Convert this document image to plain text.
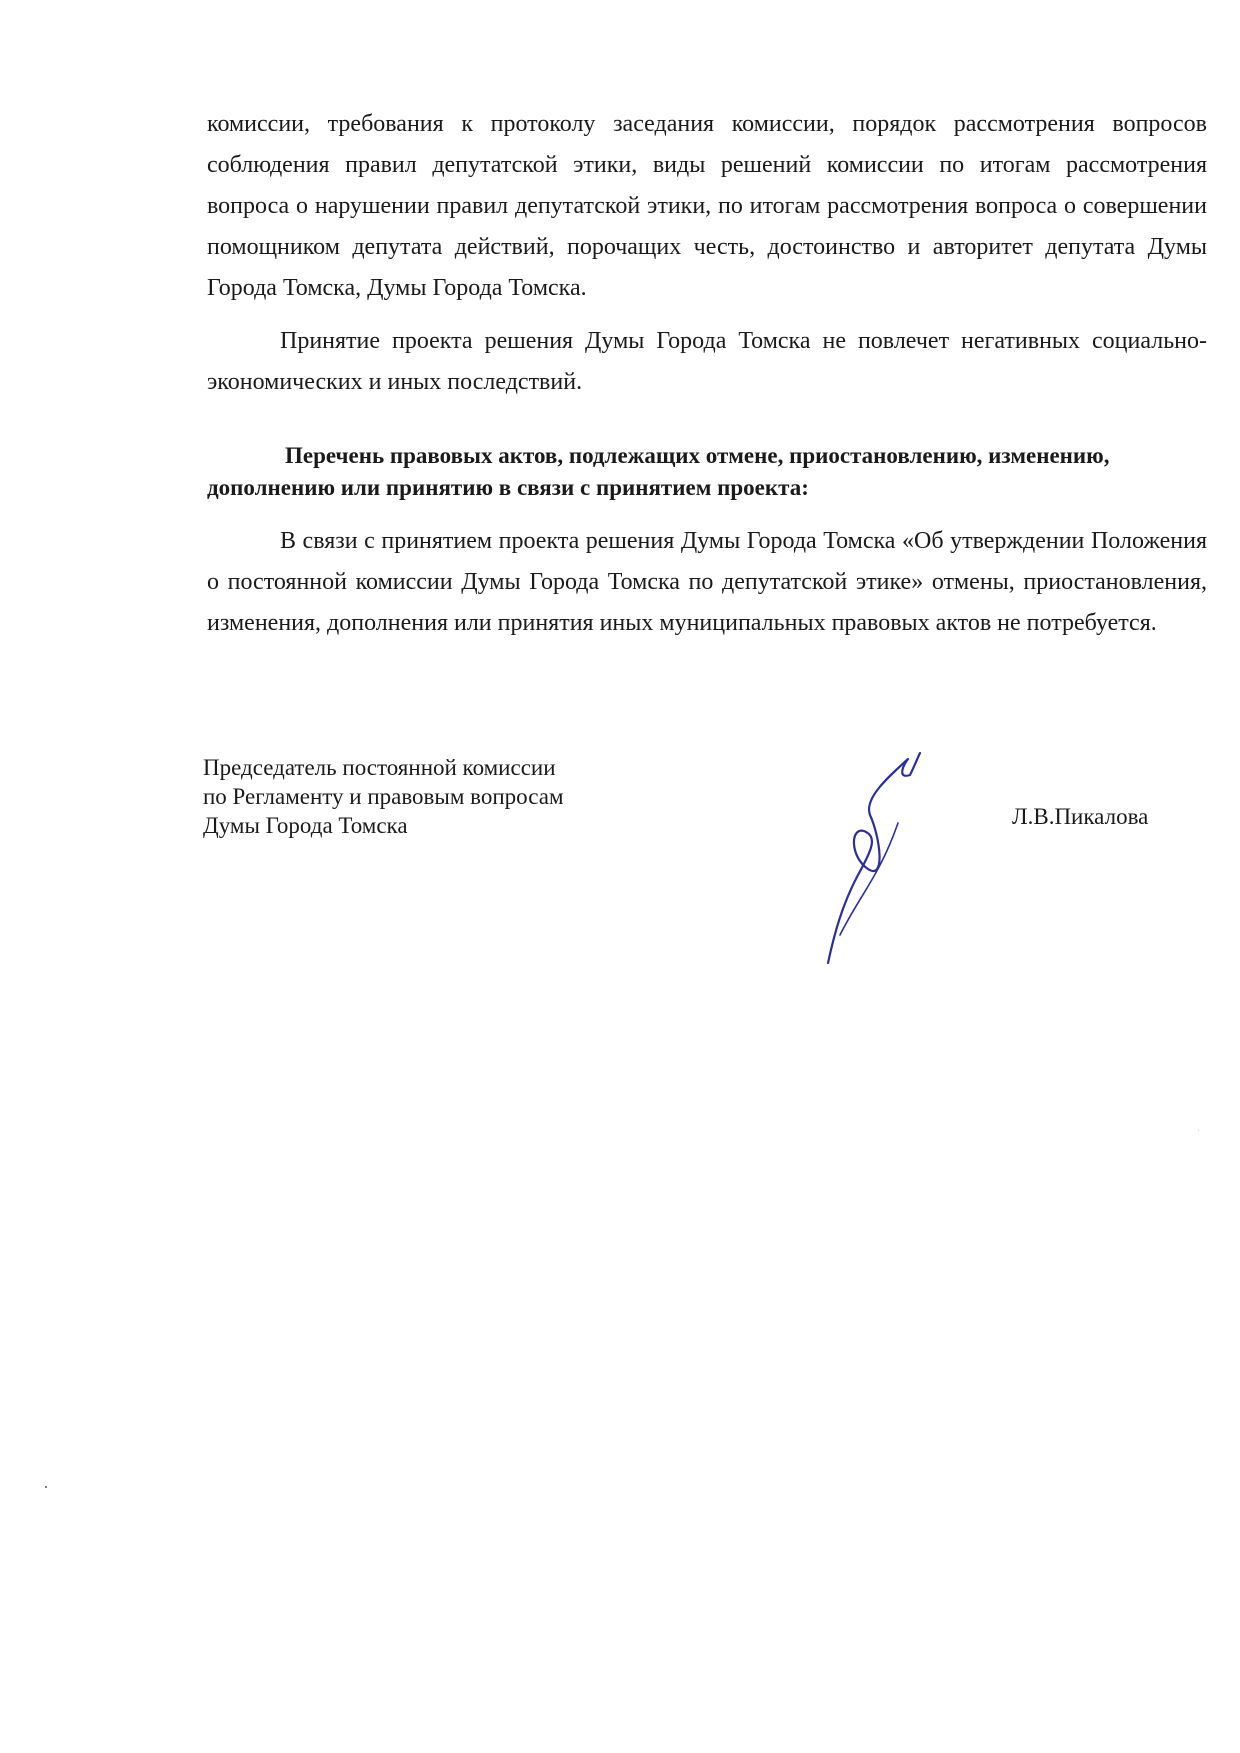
комиссии, требования к протоколу заседания комиссии, порядок рассмотрения вопросов соблюдения правил депутатской этики, виды решений комиссии по итогам рассмотрения вопроса о нарушении правил депутатской этики, по итогам рассмотрения вопроса о совершении помощником депутата действий, порочащих честь, достоинство и авторитет депутата Думы Города Томска, Думы Города Томска.

Принятие проекта решения Думы Города Томска не повлечет негативных социально-экономических и иных последствий.

Перечень правовых актов, подлежащих отмене, приостановлению, изменению, дополнению или принятию в связи с принятием проекта:

В связи с принятием проекта решения Думы Города Томска «Об утверждении Положения о постоянной комиссии Думы Города Томска по депутатской этике» отмены, приостановления, изменения, дополнения или принятия иных муниципальных правовых актов не потребуется.

Председатель постоянной комиссии
по Регламенту и правовым вопросам
Думы Города Томска	Л.В.Пикалова
